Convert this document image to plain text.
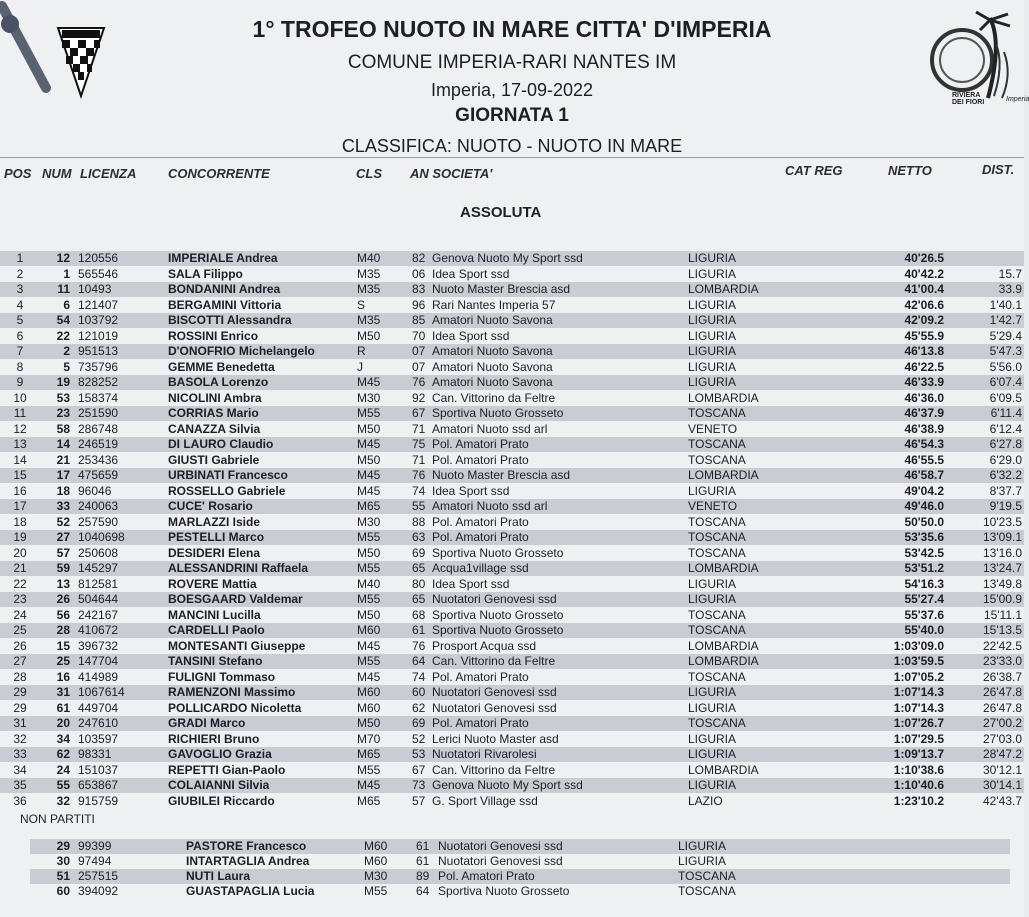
RIVIERA DEI FIORI	Imperia
1° TROFEO NUOTO IN MARE CITTA' D'IMPERIA
COMUNE IMPERIA-RARI NANTES IM
Imperia, 17-09-2022
GIORNATA 1
CLASSIFICA: NUOTO - NUOTO IN MARE
POS NUM LICENZA CONCORRENTE	CLS AN SOCIETA'	CAT REG	NETTO	DIST.
ASSOLUTA
1	12 120556	IMPERIALE Andrea	M40	82 Genova Nuoto My Sport ssd	LIGURIA	40'26.5
2	1 565546	SALA Filippo	M35	06 Idea Sport ssd	LIGURIA	40'42.2	15.7
3	11 10493	BONDANINI Andrea	M35	83 Nuoto Master Brescia asd	LOMBARDIA	41'00.4	33.9
4	6 121407	BERGAMINI Vittoria	S	96 Rari Nantes Imperia 57	LIGURIA	42'06.6	1'40.1
5	54 103792	BISCOTTI Alessandra	M35	85 Amatori Nuoto Savona	LIGURIA	42'09.2	1'42.7
6	22 121019	ROSSINI Enrico	M50	70 Idea Sport ssd	LIGURIA	45'55.9	5'29.4
7	2 951513	D'ONOFRIO Michelangelo	R	07 Amatori Nuoto Savona	LIGURIA	46'13.8	5'47.3
8	5 735796	GEMME Benedetta	J	07 Amatori Nuoto Savona	LIGURIA	46'22.5	5'56.0
9	19 828252	BASOLA Lorenzo	M45	76 Amatori Nuoto Savona	LIGURIA	46'33.9	6'07.4
10	53 158374	NICOLINI Ambra	M30	92 Can. Vittorino da Feltre	LOMBARDIA	46'36.0	6'09.5
11	23 251590	CORRIAS Mario	M55	67 Sportiva Nuoto Grosseto	TOSCANA	46'37.9	6'11.4
12	58 286748	CANAZZA Silvia	M50	71 Amatori Nuoto ssd arl	VENETO	46'38.9	6'12.4
13	14 246519	DI LAURO Claudio	M45	75 Pol. Amatori Prato	TOSCANA	46'54.3	6'27.8
14	21 253436	GIUSTI Gabriele	M50	71 Pol. Amatori Prato	TOSCANA	46'55.5	6'29.0
15	17 475659	URBINATI Francesco	M45	76 Nuoto Master Brescia asd	LOMBARDIA	46'58.7	6'32.2
16	18 96046	ROSSELLO Gabriele	M45	74 Idea Sport ssd	LIGURIA	49'04.2	8'37.7
17	33 240063	CUCE' Rosario	M65	55 Amatori Nuoto ssd arl	VENETO	49'46.0	9'19.5
18	52 257590	MARLAZZI Iside	M30	88 Pol. Amatori Prato	TOSCANA	50'50.0	10'23.5
19	27 1040698	PESTELLI Marco	M55	63 Pol. Amatori Prato	TOSCANA	53'35.6	13'09.1
20	57 250608	DESIDERI Elena	M50	69 Sportiva Nuoto Grosseto	TOSCANA	53'42.5	13'16.0
21	59 145297	ALESSANDRINI Raffaela	M55	65 Acqua1village ssd	LOMBARDIA	53'51.2	13'24.7
22	13 812581	ROVERE Mattia	M40	80 Idea Sport ssd	LIGURIA	54'16.3	13'49.8
23	26 504644	BOESGAARD Valdemar	M55	65 Nuotatori Genovesi ssd	LIGURIA	55'27.4	15'00.9
24	56 242167	MANCINI Lucilla	M50	68 Sportiva Nuoto Grosseto	TOSCANA	55'37.6	15'11.1
25	28 410672	CARDELLI Paolo	M60	61 Sportiva Nuoto Grosseto	TOSCANA	55'40.0	15'13.5
26	15 396732	MONTESANTI Giuseppe	M45	76 Prosport Acqua ssd	LOMBARDIA	1:03'09.0	22'42.5
27	25 147704	TANSINI Stefano	M55	64 Can. Vittorino da Feltre	LOMBARDIA	1:03'59.5	23'33.0
28	16 414989	FULIGNI Tommaso	M45	74 Pol. Amatori Prato	TOSCANA	1:07'05.2	26'38.7
29	31 1067614	RAMENZONI Massimo	M60	60 Nuotatori Genovesi ssd	LIGURIA	1:07'14.3	26'47.8
29	61 449704	POLLICARDO Nicoletta	M60	62 Nuotatori Genovesi ssd	LIGURIA	1:07'14.3	26'47.8
31	20 247610	GRADI Marco	M50	69 Pol. Amatori Prato	TOSCANA	1:07'26.7	27'00.2
32	34 103597	RICHIERI Bruno	M70	52 Lerici Nuoto Master asd	LIGURIA	1:07'29.5	27'03.0
33	62 98331	GAVOGLIO Grazia	M65	53 Nuotatori Rivarolesi	LIGURIA	1:09'13.7	28'47.2
34	24 151037	REPETTI Gian-Paolo	M55	67 Can. Vittorino da Feltre	LOMBARDIA	1:10'38.6	30'12.1
35	55 653867	COLAIANNI Silvia	M45	73 Genova Nuoto My Sport ssd	LIGURIA	1:10'40.6	30'14.1
36	32 915759	GIUBILEI Riccardo	M65	57 G. Sport Village ssd	LAZIO	1:23'10.2	42'43.7
NON PARTITI
29 99399	PASTORE Francesco	M60 61 Nuotatori Genovesi ssd	LIGURIA
30 97494	INTARTAGLIA Andrea	M60 61 Nuotatori Genovesi ssd	LIGURIA
51 257515	NUTI Laura	M30 89 Pol. Amatori Prato	TOSCANA
60 394092	GUASTAPAGLIA Lucia	M55 64 Sportiva Nuoto Grosseto	TOSCANA
